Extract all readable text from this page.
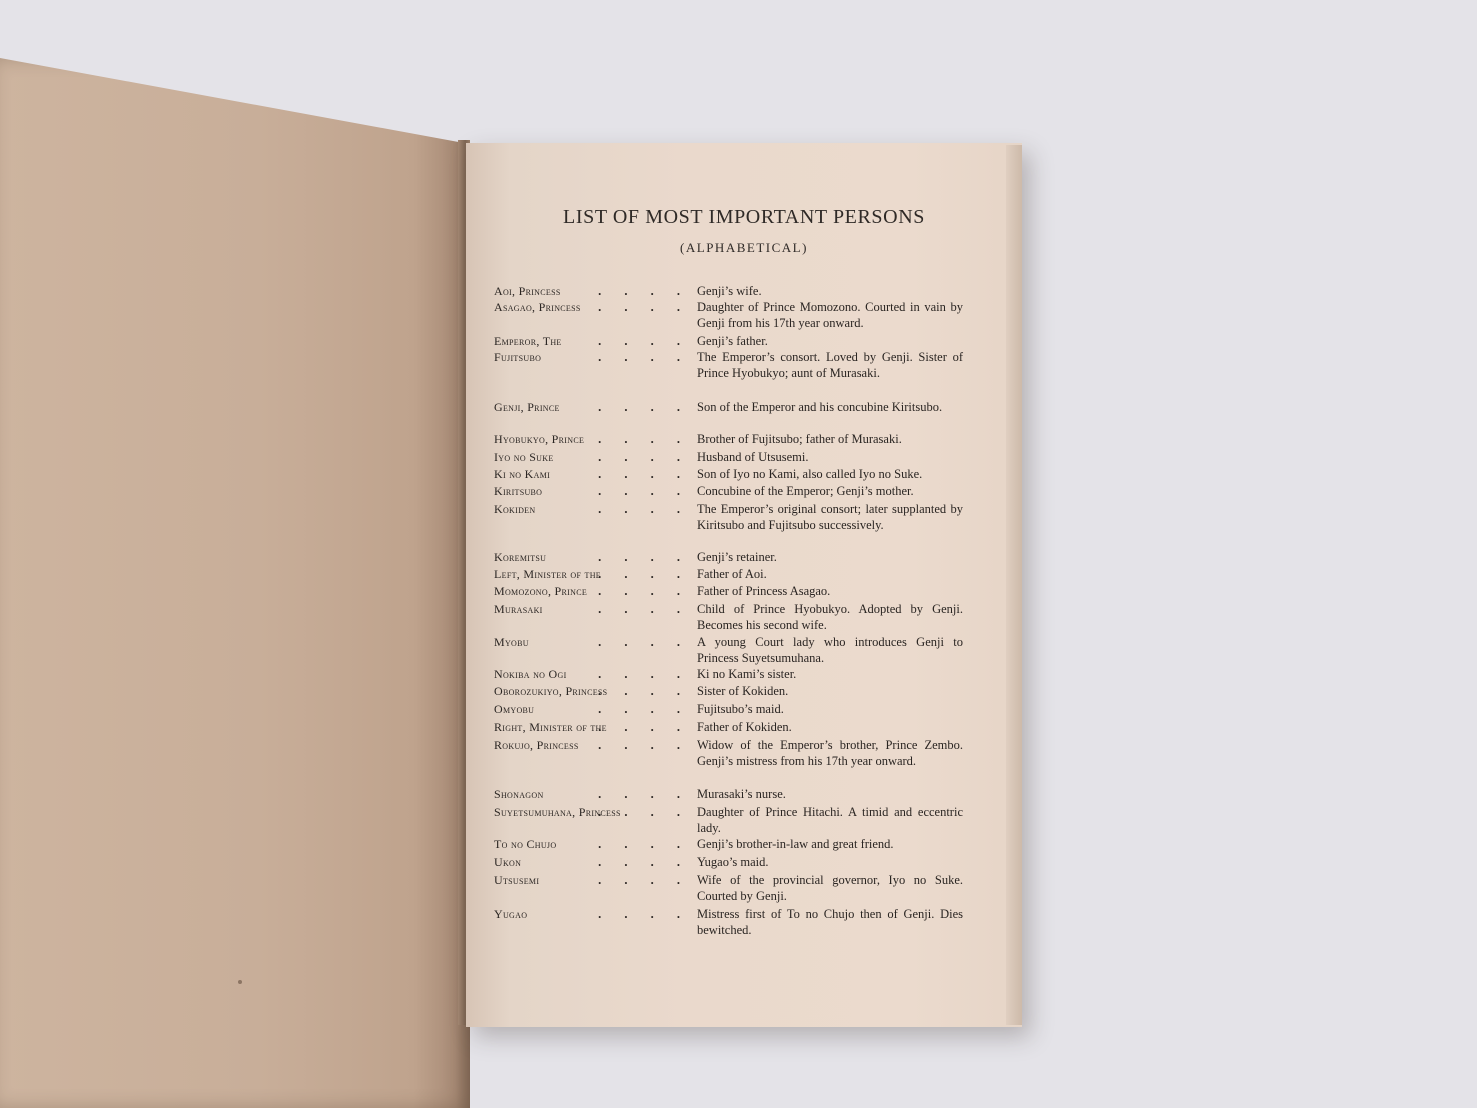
LIST OF MOST IMPORTANT PERSONS
(ALPHABETICAL)
Aoi, Princess	. . . . Genji’s wife.
Asagao, Princess	. . . . Daughter of Prince Momozono. Courted in vain by Genji from his 17th year onward.
Emperor, The	. . . . Genji’s father.
Fujitsubo	. . . . The Emperor’s consort. Loved by Genji. Sister of Prince Hyobukyo; aunt of Murasaki.
Genji, Prince	. . . . Son of the Emperor and his concubine Kiritsubo.
Hyobukyo, Prince	. . . . Brother of Fujitsubo; father of Murasaki.
Iyo no Suke	. . . . Husband of Utsusemi.
Ki no Kami	. . . . Son of Iyo no Kami, also called Iyo no Suke.
Kiritsubo	. . . . Concubine of the Emperor; Genji’s mother.
Kokiden	. . . . The Emperor’s original consort; later supplanted by Kiritsubo and Fujitsubo successively.
Koremitsu	. . . . Genji’s retainer.
Left, Minister of the
. . . . Father of Aoi.
Momozono, Prince . . . . Father of Princess Asagao.
Murasaki	. . . . Child of Prince Hyobukyo. Adopted by Genji. Becomes his second wife.
Myobu	. . . . A young Court lady who introduces Genji to Princess Suyetsumuhana.
Nokiba no Ogi	. . . . Ki no Kami’s sister.
Oborozukiyo, Princess
. . . . Sister of Kokiden.
Omyobu	. . . . Fujitsubo’s maid.
Right, Minister of the
. . . . Father of Kokiden.
Rokujo, Princess	. . . . Widow of the Emperor’s brother, Prince Zembo. Genji’s mistress from his 17th year onward.
Shonagon	. . . . Murasaki’s nurse.
Suyetsumuhana, Princess
. . . . Daughter of Prince Hitachi. A timid and eccentric lady.
To no Chujo	. . . . Genji’s brother-in-law and great friend.
Ukon	. . . . Yugao’s maid.
Utsusemi	. . . . Wife of the provincial governor, Iyo no Suke. Courted by Genji.
Yugao	. . . . Mistress first of To no Chujo then of Genji. Dies bewitched.
